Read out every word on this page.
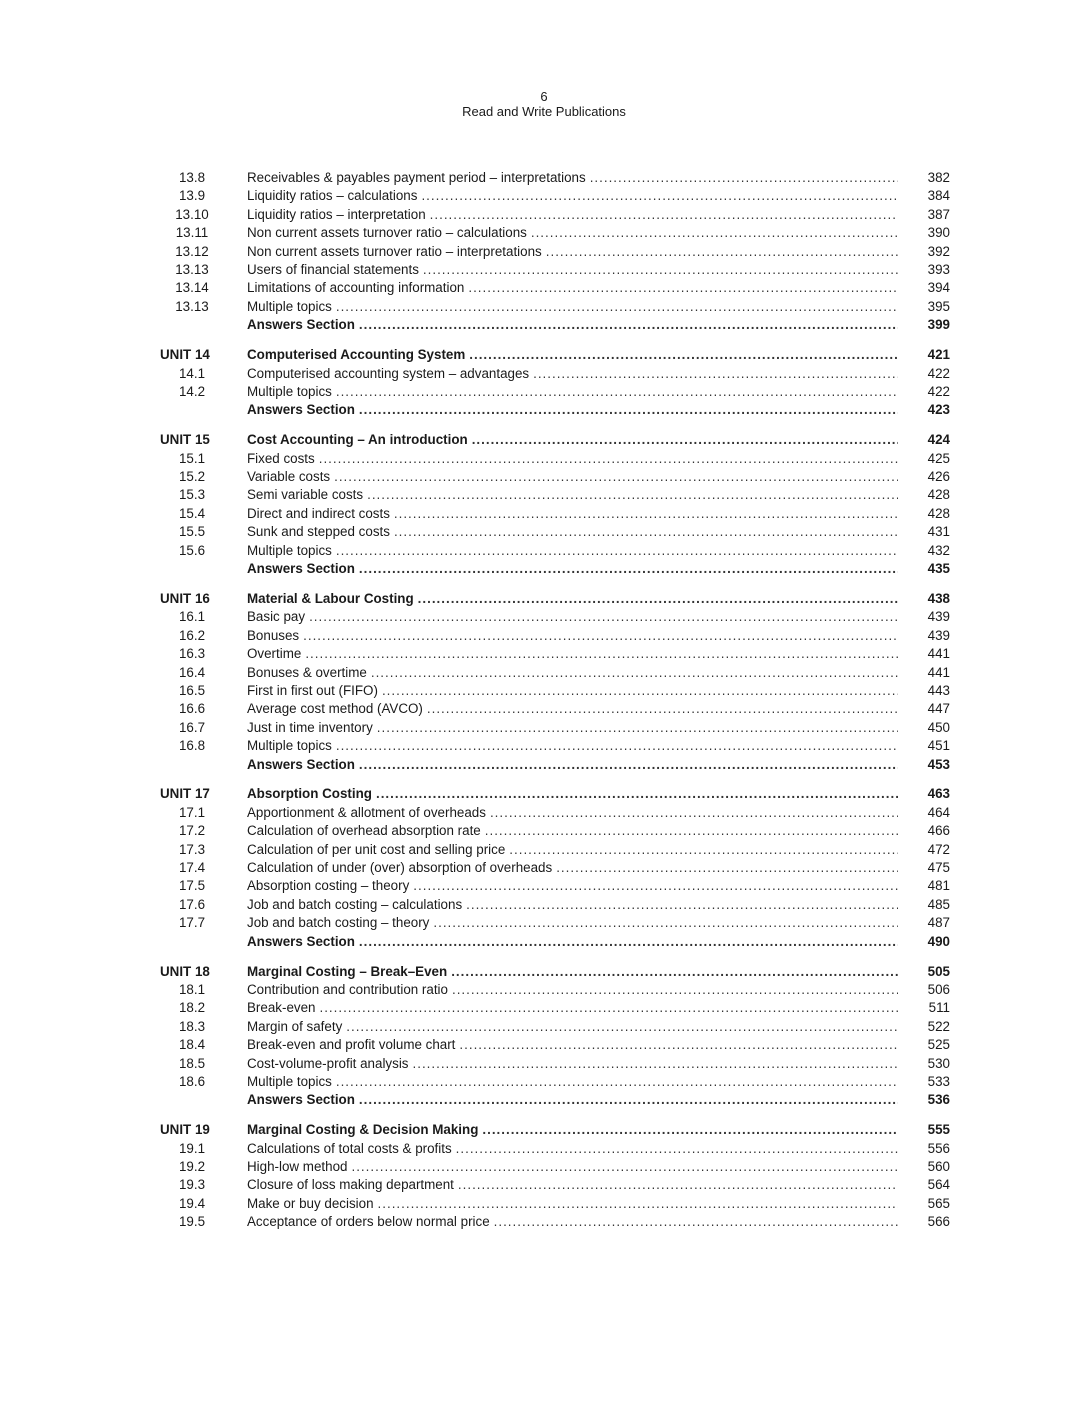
6
Read and Write Publications
13.8	Receivables & payables payment period – interpretations .....	382
13.9	Liquidity ratios – calculations .....	384
13.10	Liquidity ratios – interpretation .....	387
13.11	Non current assets turnover ratio – calculations .....	390
13.12	Non current assets turnover ratio – interpretations .....	392
13.13	Users of financial statements .....	393
13.14	Limitations of accounting information .....	394
13.13	Multiple topics .....	395
Answers Section .....	399
UNIT 14	Computerised Accounting System .....	421
14.1	Computerised accounting system – advantages .....	422
14.2	Multiple topics .....	422
Answers Section .....	423
UNIT 15	Cost Accounting – An introduction .....	424
15.1	Fixed costs .....	425
15.2	Variable costs .....	426
15.3	Semi variable costs .....	428
15.4	Direct and indirect costs .....	428
15.5	Sunk and stepped costs .....	431
15.6	Multiple topics .....	432
Answers Section .....	435
UNIT 16	Material & Labour Costing .....	438
16.1	Basic pay .....	439
16.2	Bonuses .....	439
16.3	Overtime .....	441
16.4	Bonuses & overtime .....	441
16.5	First in first out (FIFO) .....	443
16.6	Average cost method (AVCO) .....	447
16.7	Just in time inventory .....	450
16.8	Multiple topics .....	451
Answers Section .....	453
UNIT 17	Absorption Costing .....	463
17.1	Apportionment & allotment of overheads .....	464
17.2	Calculation of overhead absorption rate .....	466
17.3	Calculation of per unit cost and selling price .....	472
17.4	Calculation of under (over) absorption of overheads .....	475
17.5	Absorption costing – theory .....	481
17.6	Job and batch costing – calculations .....	485
17.7	Job and batch costing – theory .....	487
Answers Section .....	490
UNIT 18	Marginal Costing – Break–Even .....	505
18.1	Contribution and contribution ratio .....	506
18.2	Break-even .....	511
18.3	Margin of safety .....	522
18.4	Break-even and profit volume chart .....	525
18.5	Cost-volume-profit analysis .....	530
18.6	Multiple topics .....	533
Answers Section .....	536
UNIT 19	Marginal Costing & Decision Making .....	555
19.1	Calculations of total costs & profits .....	556
19.2	High-low method .....	560
19.3	Closure of loss making department .....	564
19.4	Make or buy decision .....	565
19.5	Acceptance of orders below normal price .....	566
